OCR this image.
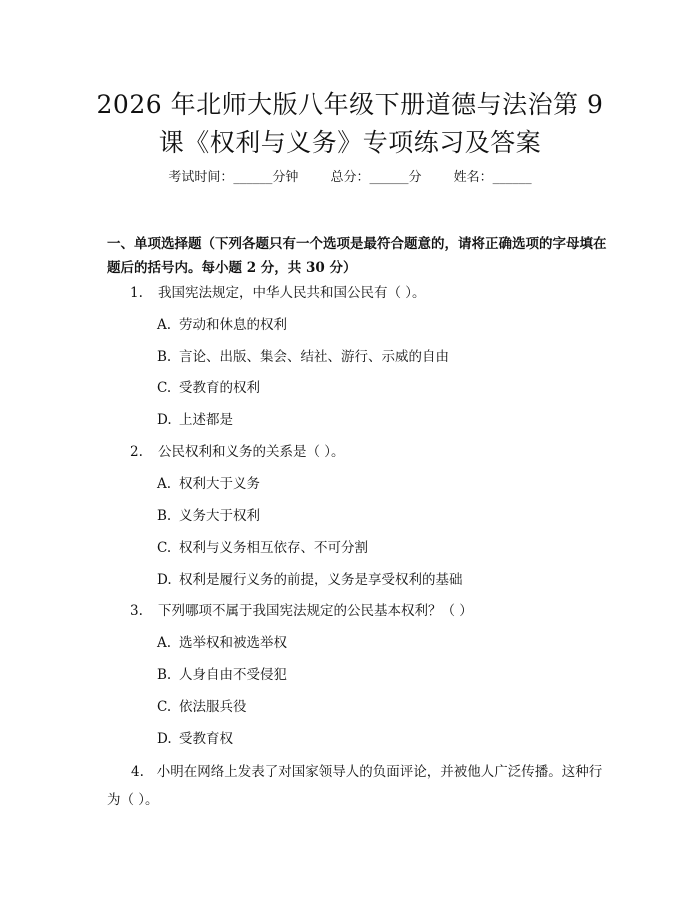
2026 年北师大版八年级下册道德与法治第 9
课《权利与义务》专项练习及答案
考试时间：______分钟 总分：______分 姓名：______

一、单项选择题（下列各题只有一个选项是最符合题意的，请将正确选项的字母填在题后的括号内。每小题 2 分，共 30 分）

1. 我国宪法规定，中华人民共和国公民有（ ）。
A. 劳动和休息的权利
B. 言论、出版、集会、结社、游行、示威的自由
C. 受教育的权利
D. 上述都是
2. 公民权利和义务的关系是（ ）。
A. 权利大于义务
B. 义务大于权利
C. 权利与义务相互依存、不可分割
D. 权利是履行义务的前提，义务是享受权利的基础
3. 下列哪项不属于我国宪法规定的公民基本权利？（ ）
A. 选举权和被选举权
B. 人身自由不受侵犯
C. 依法服兵役
D. 受教育权
4. 小明在网络上发表了对国家领导人的负面评论，并被他人广泛传播。这种行为（ ）。
